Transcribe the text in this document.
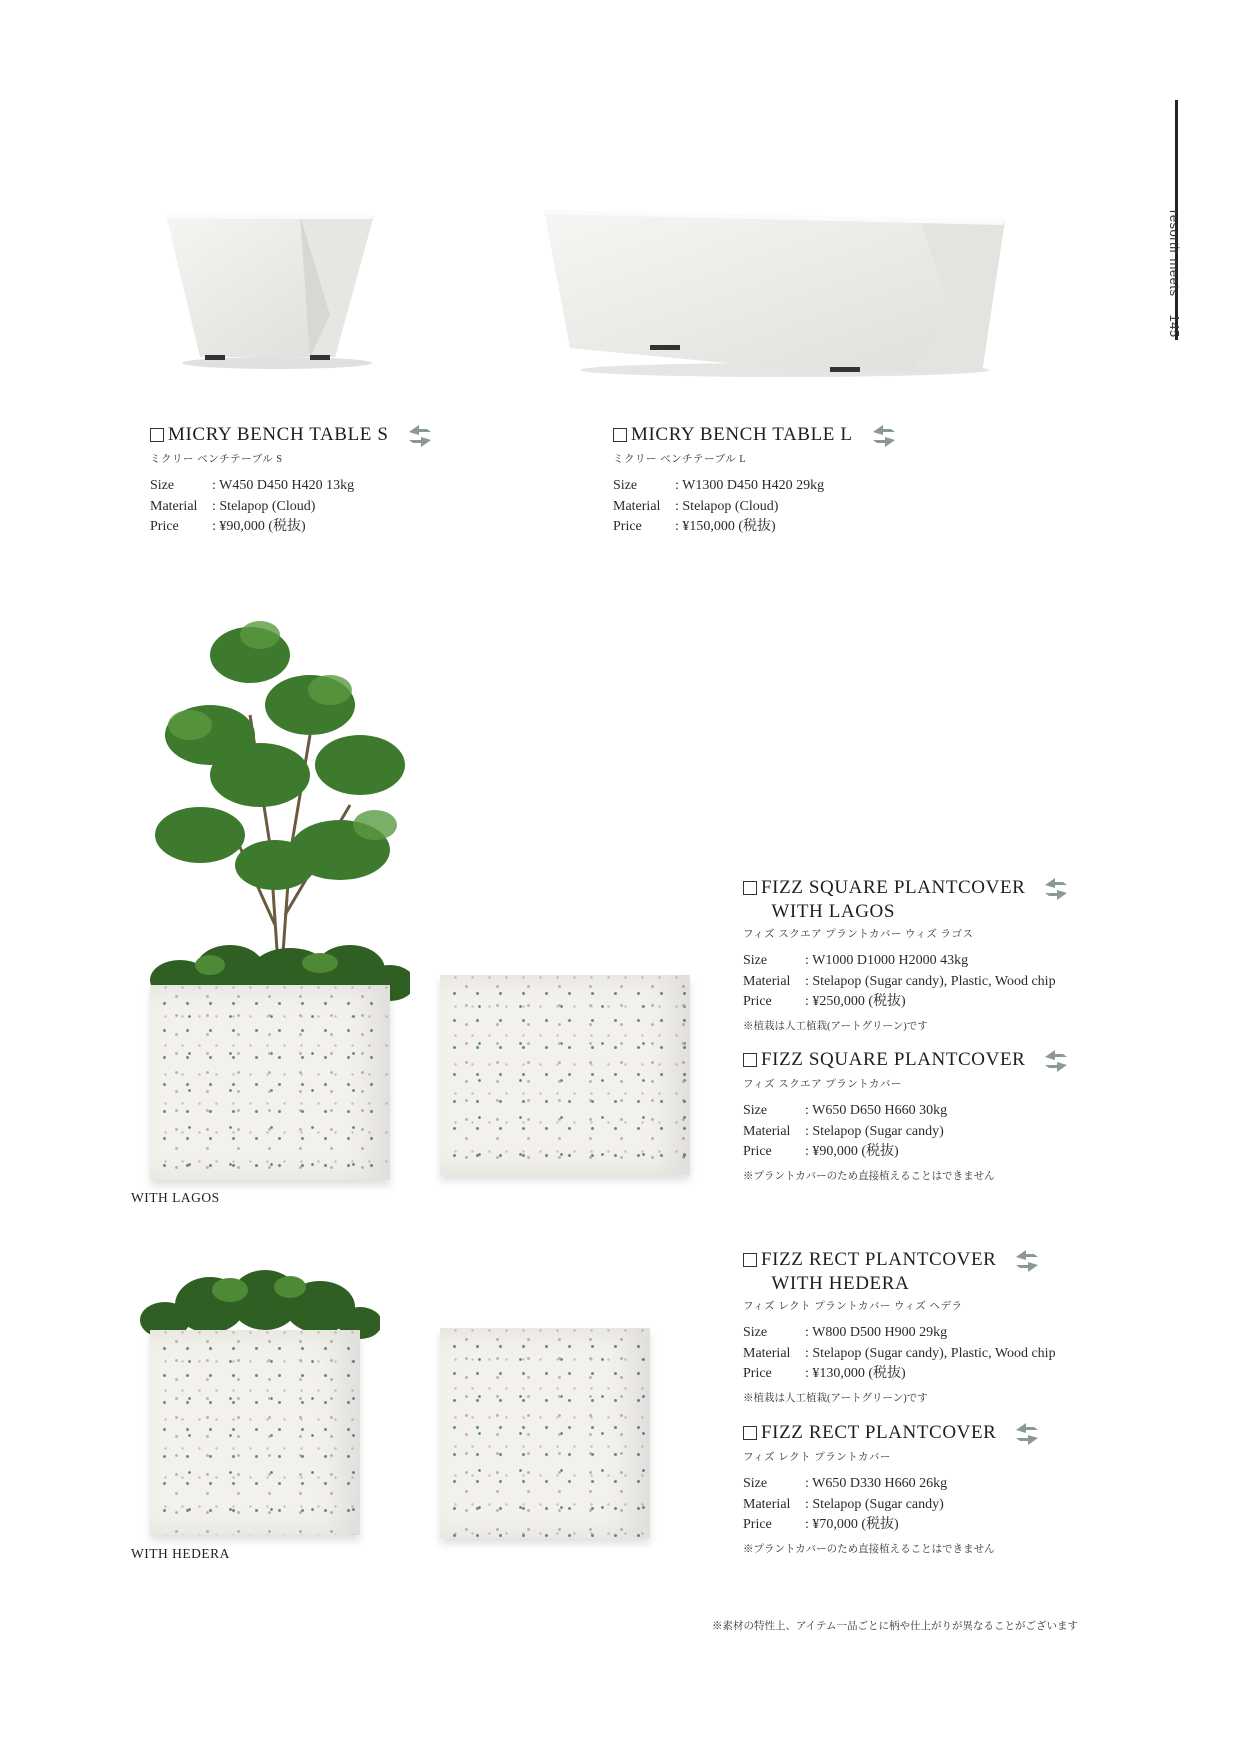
resortir meets145
WITH LAGOS
WITH HEDERA
MICRY BENCH TABLE S
ミクリー ベンチテーブル S
Size	: W450 D450 H420 13kg
Material	: Stelapop (Cloud)
Price	: ¥90,000 (税抜)
MICRY BENCH TABLE L
ミクリー ベンチテーブル L
Size	: W1300 D450 H420 29kg
Material	: Stelapop (Cloud)
Price	: ¥150,000 (税抜)
FIZZ SQUARE PLANTCOVER
WITH LAGOS
フィズ スクエア プラントカバー ウィズ ラゴス
Size	: W1000 D1000 H2000 43kg
Material	: Stelapop (Sugar candy), Plastic, Wood chip
Price	: ¥250,000 (税抜)
※植栽は人工植栽(アートグリーン)です
FIZZ SQUARE PLANTCOVER
フィズ スクエア プラントカバー
Size	: W650 D650 H660 30kg
Material	: Stelapop (Sugar candy)
Price	: ¥90,000 (税抜)
※プラントカバーのため直接植えることはできません
FIZZ RECT PLANTCOVER
WITH HEDERA
フィズ レクト プラントカバー ウィズ ヘデラ
Size	: W800 D500 H900 29kg
Material	: Stelapop (Sugar candy), Plastic, Wood chip
Price	: ¥130,000 (税抜)
※植栽は人工植栽(アートグリーン)です
FIZZ RECT PLANTCOVER
フィズ レクト プラントカバー
Size	: W650 D330 H660 26kg
Material	: Stelapop (Sugar candy)
Price	: ¥70,000 (税抜)
※プラントカバーのため直接植えることはできません
※素材の特性上、アイテム一品ごとに柄や仕上がりが異なることがございます
